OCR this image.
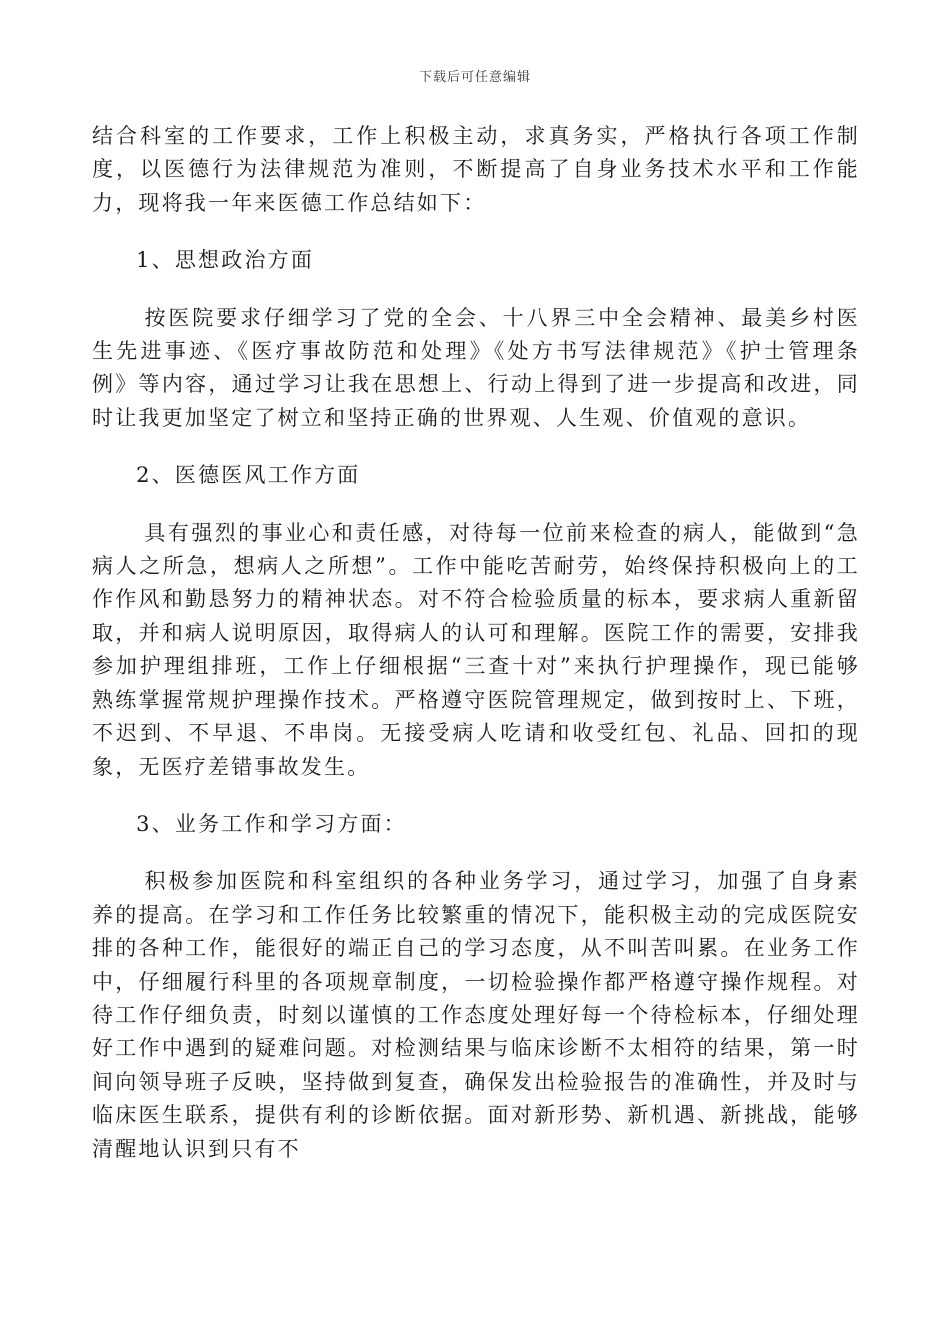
下载后可任意编辑

结合科室的工作要求，工作上积极主动，求真务实，严格执行各项工作制度，以医德行为法律规范为准则，不断提高了自身业务技术水平和工作能力，现将我一年来医德工作总结如下：

1、思想政治方面

按医院要求仔细学习了党的全会、十八界三中全会精神、最美乡村医生先进事迹、《医疗事故防范和处理》《处方书写法律规范》《护士管理条例》等内容，通过学习让我在思想上、行动上得到了进一步提高和改进，同时让我更加坚定了树立和坚持正确的世界观、人生观、价值观的意识。

2、医德医风工作方面

具有强烈的事业心和责任感，对待每一位前来检查的病人，能做到“急病人之所急，想病人之所想”。工作中能吃苦耐劳，始终保持积极向上的工作作风和勤恳努力的精神状态。对不符合检验质量的标本，要求病人重新留取，并和病人说明原因，取得病人的认可和理解。医院工作的需要，安排我参加护理组排班，工作上仔细根据“三查十对”来执行护理操作，现已能够熟练掌握常规护理操作技术。严格遵守医院管理规定，做到按时上、下班，不迟到、不早退、不串岗。无接受病人吃请和收受红包、礼品、回扣的现象，无医疗差错事故发生。

3、业务工作和学习方面：

积极参加医院和科室组织的各种业务学习，通过学习，加强了自身素养的提高。在学习和工作任务比较繁重的情况下，能积极主动的完成医院安排的各种工作，能很好的端正自己的学习态度，从不叫苦叫累。在业务工作中，仔细履行科里的各项规章制度，一切检验操作都严格遵守操作规程。对待工作仔细负责，时刻以谨慎的工作态度处理好每一个待检标本，仔细处理好工作中遇到的疑难问题。对检测结果与临床诊断不太相符的结果，第一时间向领导班子反映，坚持做到复查，确保发出检验报告的准确性，并及时与临床医生联系，提供有利的诊断依据。面对新形势、新机遇、新挑战，能够清醒地认识到只有不
